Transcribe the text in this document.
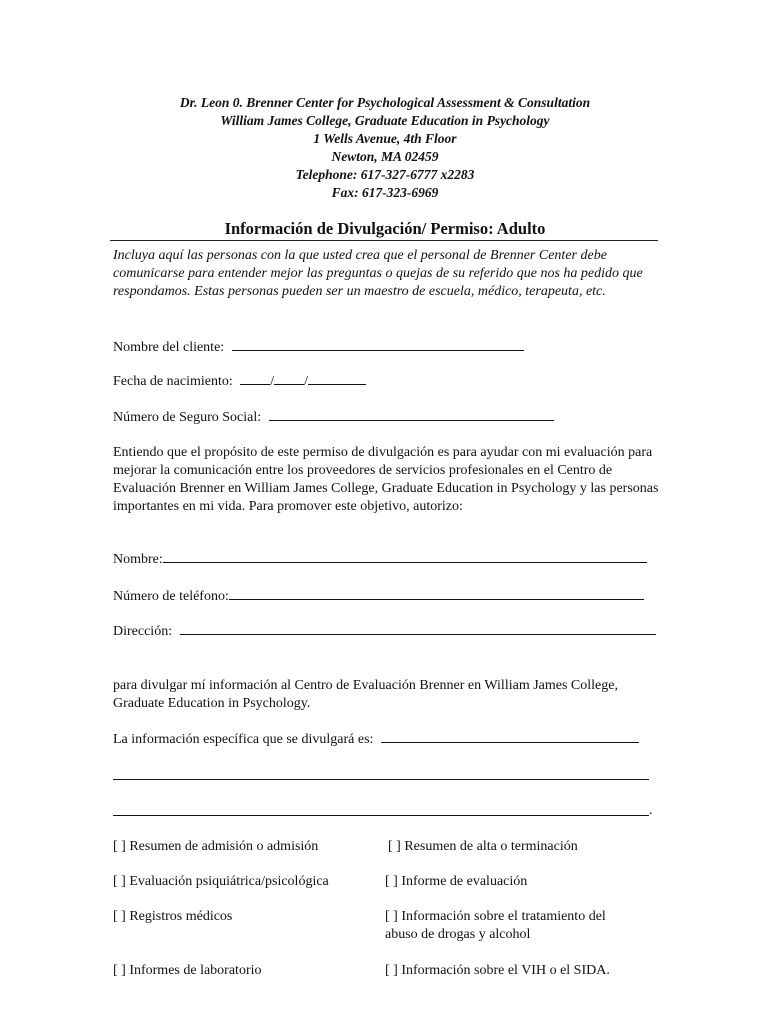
Dr. Leon 0. Brenner Center for Psychological Assessment & Consultation
William James College, Graduate Education in Psychology
1 Wells Avenue, 4th Floor
Newton, MA 02459
Telephone: 617-327-6777 x2283
Fax: 617-323-6969
Información de Divulgación/ Permiso: Adulto
Incluya aquí las personas con la que usted crea que el personal de Brenner Center debe comunicarse para entender mejor las preguntas o quejas de su referido que nos ha pedido que respondamos. Estas personas pueden ser un maestro de escuela, médico, terapeuta, etc.
Nombre del cliente:
Fecha de nacimiento:	/ /
Número de Seguro Social:
Entiendo que el propósito de este permiso de divulgación es para ayudar con mi evaluación para mejorar la comunicación entre los proveedores de servicios profesionales en el Centro de Evaluación Brenner en William James College, Graduate Education in Psychology y las personas importantes en mi vida. Para promover este objetivo, autorizo:
Nombre:
Número de teléfono:
Dirección:
para divulgar mí información al Centro de Evaluación Brenner en William James College, Graduate Education in Psychology.
La información específica que se divulgará es:
.
[ ] Resumen de admisión o admisión	[ ] Resumen de alta o terminación
[ ] Evaluación psiquiátrica/psicológica	[ ] Informe de evaluación
[ ] Registros médicos	[ ] Información sobre el tratamiento del abuso de drogas y alcohol
[ ] Informes de laboratorio	[ ] Información sobre el VIH o el SIDA.
